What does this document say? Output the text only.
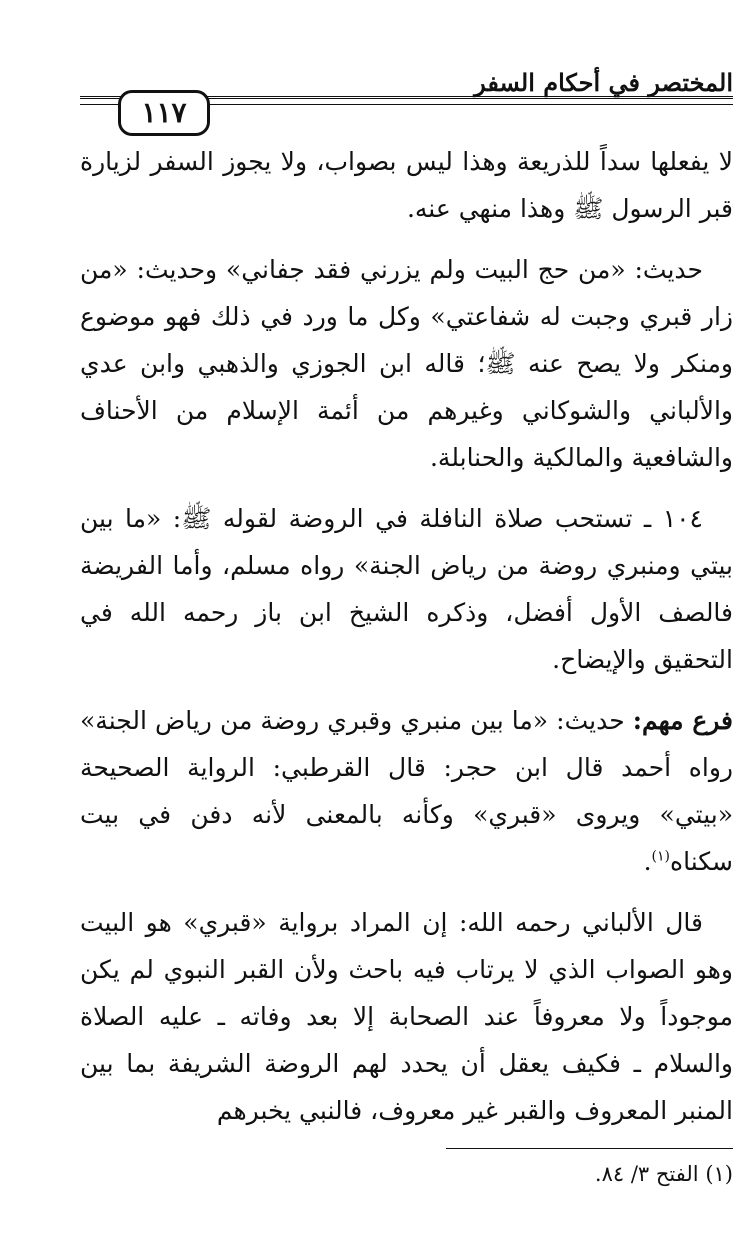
المختصر في أحكام السفر
١١٧

لا يفعلها سداً للذريعة وهذا ليس بصواب، ولا يجوز السفر لزيارة قبر الرسول ﷺ وهذا منهي عنه.

حديث: «من حج البيت ولم يزرني فقد جفاني» وحديث: «من زار قبري وجبت له شفاعتي» وكل ما ورد في ذلك فهو موضوع ومنكر ولا يصح عنه ﷺ؛ قاله ابن الجوزي والذهبي وابن عدي والألباني والشوكاني وغيرهم من أئمة الإسلام من الأحناف والشافعية والمالكية والحنابلة.

١٠٤ ـ تستحب صلاة النافلة في الروضة لقوله ﷺ: «ما بين بيتي ومنبري روضة من رياض الجنة» رواه مسلم، وأما الفريضة فالصف الأول أفضل، وذكره الشيخ ابن باز رحمه الله في التحقيق والإيضاح.

فرع مهم: حديث: «ما بين منبري وقبري روضة من رياض الجنة» رواه أحمد قال ابن حجر: قال القرطبي: الرواية الصحيحة «بيتي» ويروى «قبري» وكأنه بالمعنى لأنه دفن في بيت سكناه$^{(١)}$.

قال الألباني رحمه الله: إن المراد برواية «قبري» هو البيت وهو الصواب الذي لا يرتاب فيه باحث ولأن القبر النبوي لم يكن موجوداً ولا معروفاً عند الصحابة إلا بعد وفاته ـ عليه الصلاة والسلام ـ فكيف يعقل أن يحدد لهم الروضة الشريفة بما بين المنبر المعروف والقبر غير معروف، فالنبي يخبرهم

(١) الفتح ٣/ ٨٤.
